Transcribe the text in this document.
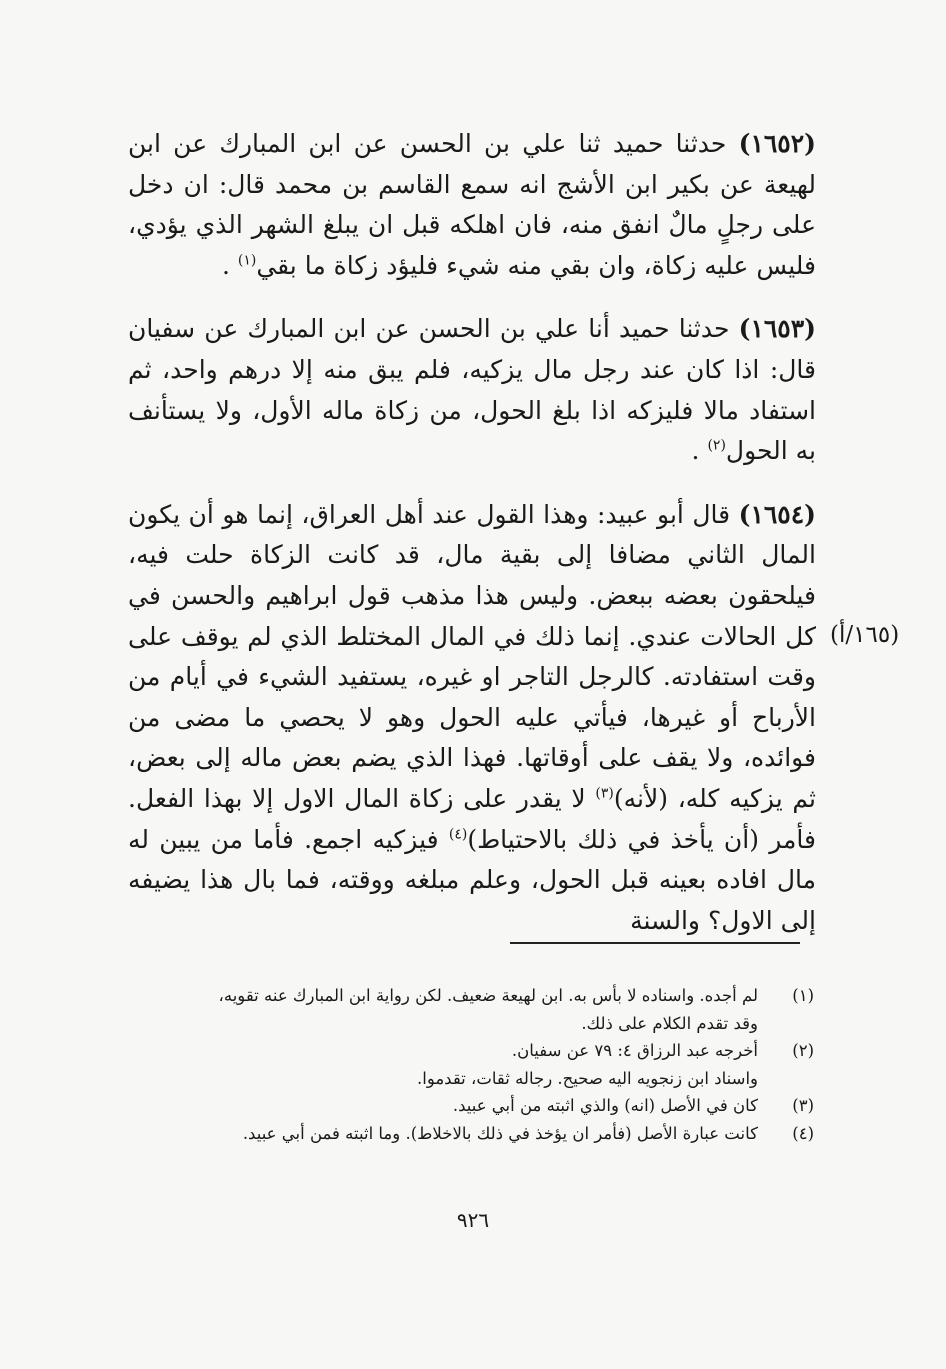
(١٦٥٢) حدثنا حميد ثنا علي بن الحسن عن ابن المبارك عن ابن لهيعة عن بكير ابن الأشج انه سمع القاسم بن محمد قال: ان دخل على رجلٍ مالٌ انفق منه، فان اهلكه قبل ان يبلغ الشهر الذي يؤدي، فليس عليه زكاة، وان بقي منه شيء فليؤد زكاة ما بقي$^{(١)}$ .

(١٦٥٣) حدثنا حميد أنا علي بن الحسن عن ابن المبارك عن سفيان قال: اذا كان عند رجل مال يزكيه، فلم يبق منه إلا درهم واحد، ثم استفاد مالا فليزكه اذا بلغ الحول، من زكاة ماله الأول، ولا يستأنف به الحول$^{(٢)}$ .

(١٦٥٤) قال أبو عبيد: وهذا القول عند أهل العراق، إنما هو أن يكون المال الثاني مضافا إلى بقية مال، قد كانت الزكاة حلت فيه، فيلحقون بعضه ببعض. وليس هذا مذهب قول ابراهيم والحسن في كل الحالات عندي. إنما ذلك في المال المختلط الذي لم يوقف على وقت استفادته. كالرجل التاجر او غيره، يستفيد الشيء في أيام من الأرباح أو غيرها، فيأتي عليه الحول وهو لا يحصي ما مضى من فوائده، ولا يقف على أوقاتها. فهذا الذي يضم بعض ماله إلى بعض، ثم يزكيه كله، (لأنه)$^{(٣)}$ لا يقدر على زكاة المال الاول إلا بهذا الفعل. فأمر (أن يأخذ في ذلك بالاحتياط)$^{(٤)}$ فيزكيه اجمع. فأما من يبين له مال افاده بعينه قبل الحول، وعلم مبلغه ووقته، فما بال هذا يضيفه إلى الاول؟ والسنة

(١٦٥/أ)
(١)
لم أجده. واسناده لا بأس به. ابن لهيعة ضعيف. لكن رواية ابن المبارك عنه تقويه،
وقد تقدم الكلام على ذلك.
(٢)
أخرجه عبد الرزاق ٤: ٧٩ عن سفيان.
واسناد ابن زنجويه اليه صحيح. رجاله ثقات، تقدموا.
(٣)
كان في الأصل (انه) والذي اثبته من أبي عبيد.
(٤)
كانت عبارة الأصل (فأمر ان يؤخذ في ذلك بالاخلاط). وما اثبته فمن أبي عبيد.
٩٢٦
